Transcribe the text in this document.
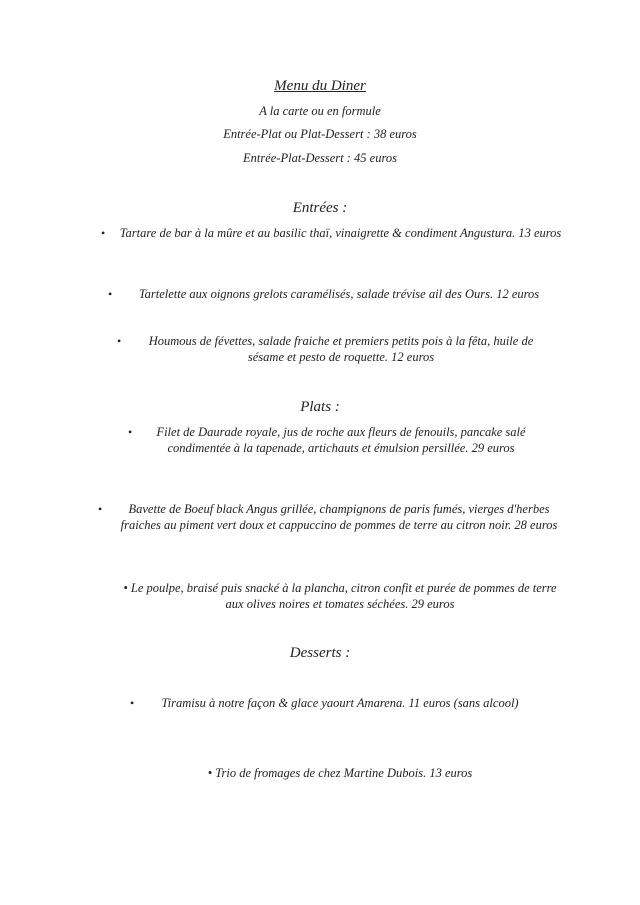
Menu du Diner
A la carte ou en formule
Entrée-Plat ou Plat-Dessert : 38 euros
Entrée-Plat-Dessert : 45 euros
Entrées :
• Tartare de bar à la mûre et au basilic thaï, vinaigrette & condiment Angustura. 13 euros
•	Tartelette aux oignons grelots caramélisés, salade trévise ail des Ours. 12 euros
•	Houmous de févettes, salade fraiche et premiers petits pois à la fêta, huile de sésame et pesto de roquette. 12 euros
Plats :
•	Filet de Daurade royale, jus de roche aux fleurs de fenouils, pancake salé condimentée à la tapenade, artichauts et émulsion persillée. 29 euros
•	Bavette de Boeuf black Angus grillée, champignons de paris fumés, vierges d'herbes fraiches au piment vert doux et cappuccino de pommes de terre au citron noir. 28 euros
• Le poulpe, braisé puis snacké à la plancha, citron confit et purée de pommes de terre aux olives noires et tomates séchées. 29 euros
Desserts :
•	Tiramisu à notre façon & glace yaourt Amarena. 11 euros (sans alcool)
• Trio de fromages de chez Martine Dubois. 13 euros
